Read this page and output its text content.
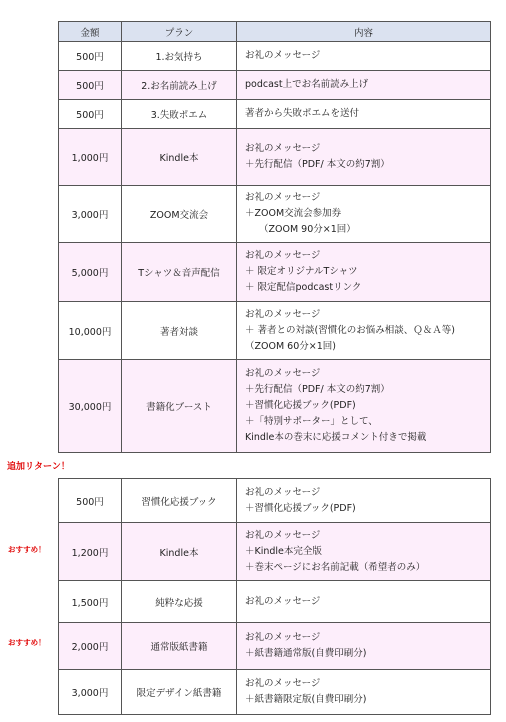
金額	プラン	内容
500円	1.お気持ち	お礼のメッセージ

500円	2.お名前読み上げ	podcast上でお名前読み上げ

500円	3.失敗ポエム	著者から失敗ポエムを送付

1,000円	Kindle本	お礼のメッセージ
＋先行配信（PDF/ 本文の約7割）

3,000円	ZOOM交流会	お礼のメッセージ
＋ZOOM交流会参加券
（ZOOM 90分×1回）

5,000円	Tシャツ＆音声配信	お礼のメッセージ
＋ 限定オリジナルTシャツ
＋ 限定配信podcastリンク

10,000円	著者対談	お礼のメッセージ
＋ 著者との対談(習慣化のお悩み相談、Ｑ＆Ａ等)
（ZOOM 60分×1回)

30,000円	書籍化ブースト	お礼のメッセージ
＋先行配信（PDF/ 本文の約7割）
＋習慣化応援ブック(PDF)
＋「特別サポーター」として、
Kindle本の巻末に応援コメント付きで掲載
追加リターン！
おすすめ！
おすすめ！
500円	習慣化応援ブック	お礼のメッセージ
＋習慣化応援ブック(PDF)

1,200円	Kindle本	お礼のメッセージ
＋Kindle本完全版
＋巻末ページにお名前記載（希望者のみ）

1,500円	純粋な応援	お礼のメッセージ

2,000円	通常版紙書籍	お礼のメッセージ
＋紙書籍通常版(自費印刷分)

3,000円	限定デザイン紙書籍	お礼のメッセージ
＋紙書籍限定版(自費印刷分)
